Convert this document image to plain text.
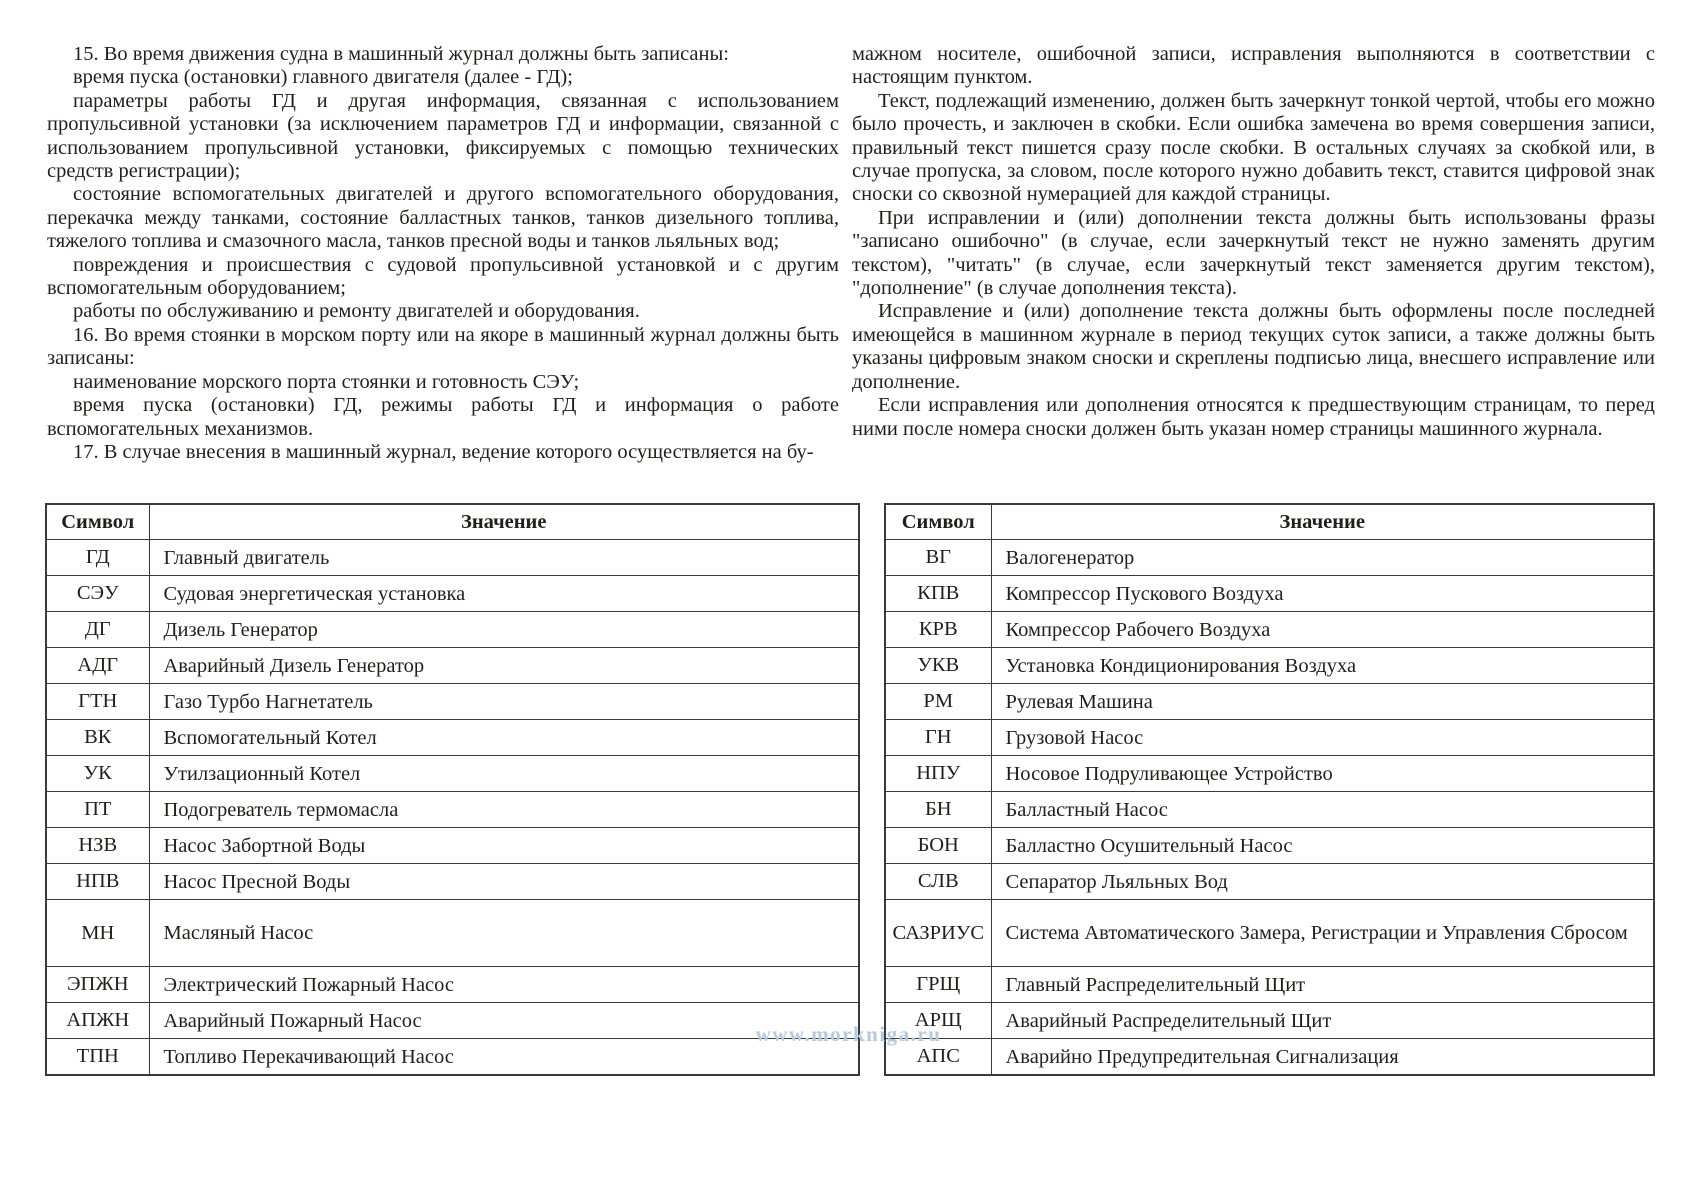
15. Во время движения судна в машинный журнал должны быть записаны:

время пуска (остановки) главного двигателя (далее - ГД);

параметры работы ГД и другая информация, связанная с использованием пропульсивной установки (за исключением параметров ГД и информации, связанной с использованием пропульсивной установки, фиксируемых с помощью технических средств регистрации);

состояние вспомогательных двигателей и другого вспомогательного оборудования, перекачка между танками, состояние балластных танков, танков дизельного топлива, тяжелого топлива и смазочного масла, танков пресной воды и танков льяльных вод;

повреждения и происшествия с судовой пропульсивной установкой и с другим вспомогательным оборудованием;

работы по обслуживанию и ремонту двигателей и оборудования.

16. Во время стоянки в морском порту или на якоре в машинный журнал должны быть записаны:

наименование морского порта стоянки и готовность СЭУ;

время пуска (остановки) ГД, режимы работы ГД и информация о работе вспомогательных механизмов.

17. В случае внесения в машинный журнал, ведение которого осуществляется на бу-

мажном носителе, ошибочной записи, исправления выполняются в соответствии с настоящим пунктом.

Текст, подлежащий изменению, должен быть зачеркнут тонкой чертой, чтобы его можно было прочесть, и заключен в скобки. Если ошибка замечена во время совершения записи, правильный текст пишется сразу после скобки. В остальных случаях за скобкой или, в случае пропуска, за словом, после которого нужно добавить текст, ставится цифровой знак сноски со сквозной нумерацией для каждой страницы.

При исправлении и (или) дополнении текста должны быть использованы фразы "записано ошибочно" (в случае, если зачеркнутый текст не нужно заменять другим текстом), "читать" (в случае, если зачеркнутый текст заменяется другим текстом), "дополнение" (в случае дополнения текста).

Исправление и (или) дополнение текста должны быть оформлены после последней имеющейся в машинном журнале в период текущих суток записи, а также должны быть указаны цифровым знаком сноски и скреплены подписью лица, внесшего исправление или дополнение.

Если исправления или дополнения относятся к предшествующим страницам, то перед ними после номера сноски должен быть указан номер страницы машинного журнала.

Символ	Значение
ГД	Главный двигатель
СЭУ	Судовая энергетическая установка
ДГ	Дизель Генератор
АДГ	Аварийный Дизель Генератор
ГТН	Газо Турбо Нагнетатель
ВК	Вспомогательный Котел
УК	Утилзационный Котел
ПТ	Подогреватель термомасла
НЗВ	Насос Забортной Воды
НПВ	Насос Пресной Воды
МН	Масляный Насос
ЭПЖН	Электрический Пожарный Насос
АПЖН	Аварийный Пожарный Насос
ТПН	Топливо Перекачивающий Насос
Символ	Значение
ВГ	Валогенератор
КПВ	Компрессор Пускового Воздуха
КРВ	Компрессор Рабочего Воздуха
УКВ	Установка Кондиционирования Воздуха
РМ	Рулевая Машина
ГН	Грузовой Насос
НПУ	Носовое Подруливающее Устройство
БН	Балластный Насос
БОН	Балластно Осушительный Насос
СЛВ	Сепаратор Льяльных Вод
САЗРИУС	Система Автоматического Замера, Регистрации и Управления Сбросом
ГРЩ	Главный Распределительный Щит
АРЩ	Аварийный Распределительный Щит
АПС	Аварийно Предупредительная Сигнализация
www.morkniga.ru
